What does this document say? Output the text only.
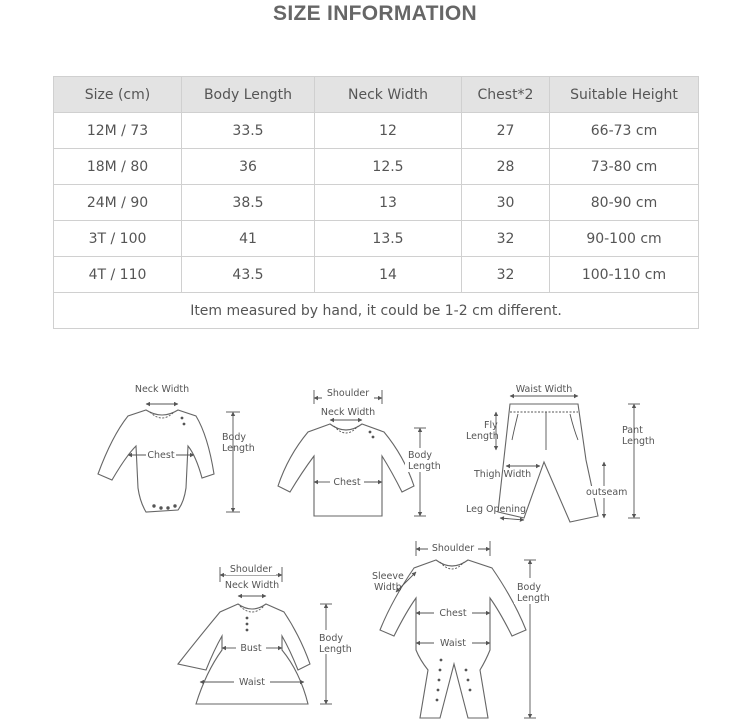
SIZE INFORMATION
Size (cm)	Body Length	Neck Width	Chest*2	Suitable Height
12M / 73	33.5	12	27	66-73 cm
18M / 80	36	12.5	28	73-80 cm
24M / 90	38.5	13	30	80-90 cm
3T / 100	41	13.5	32	90-100 cm
4T / 110	43.5	14	32	100-110 cm
Item measured by hand, it could be 1-2 cm different.				
Neck Width
Chest
Body
Length
Shoulder
Neck Width
Chest
Body
Length
Waist Width
Fly
Length
Pant
Length
Thigh Width
outseam
Leg Opening
Shoulder
Neck Width
Bust
Waist
Body
Length
Shoulder
Sleeve
Width
Chest
Waist
Body
Length
